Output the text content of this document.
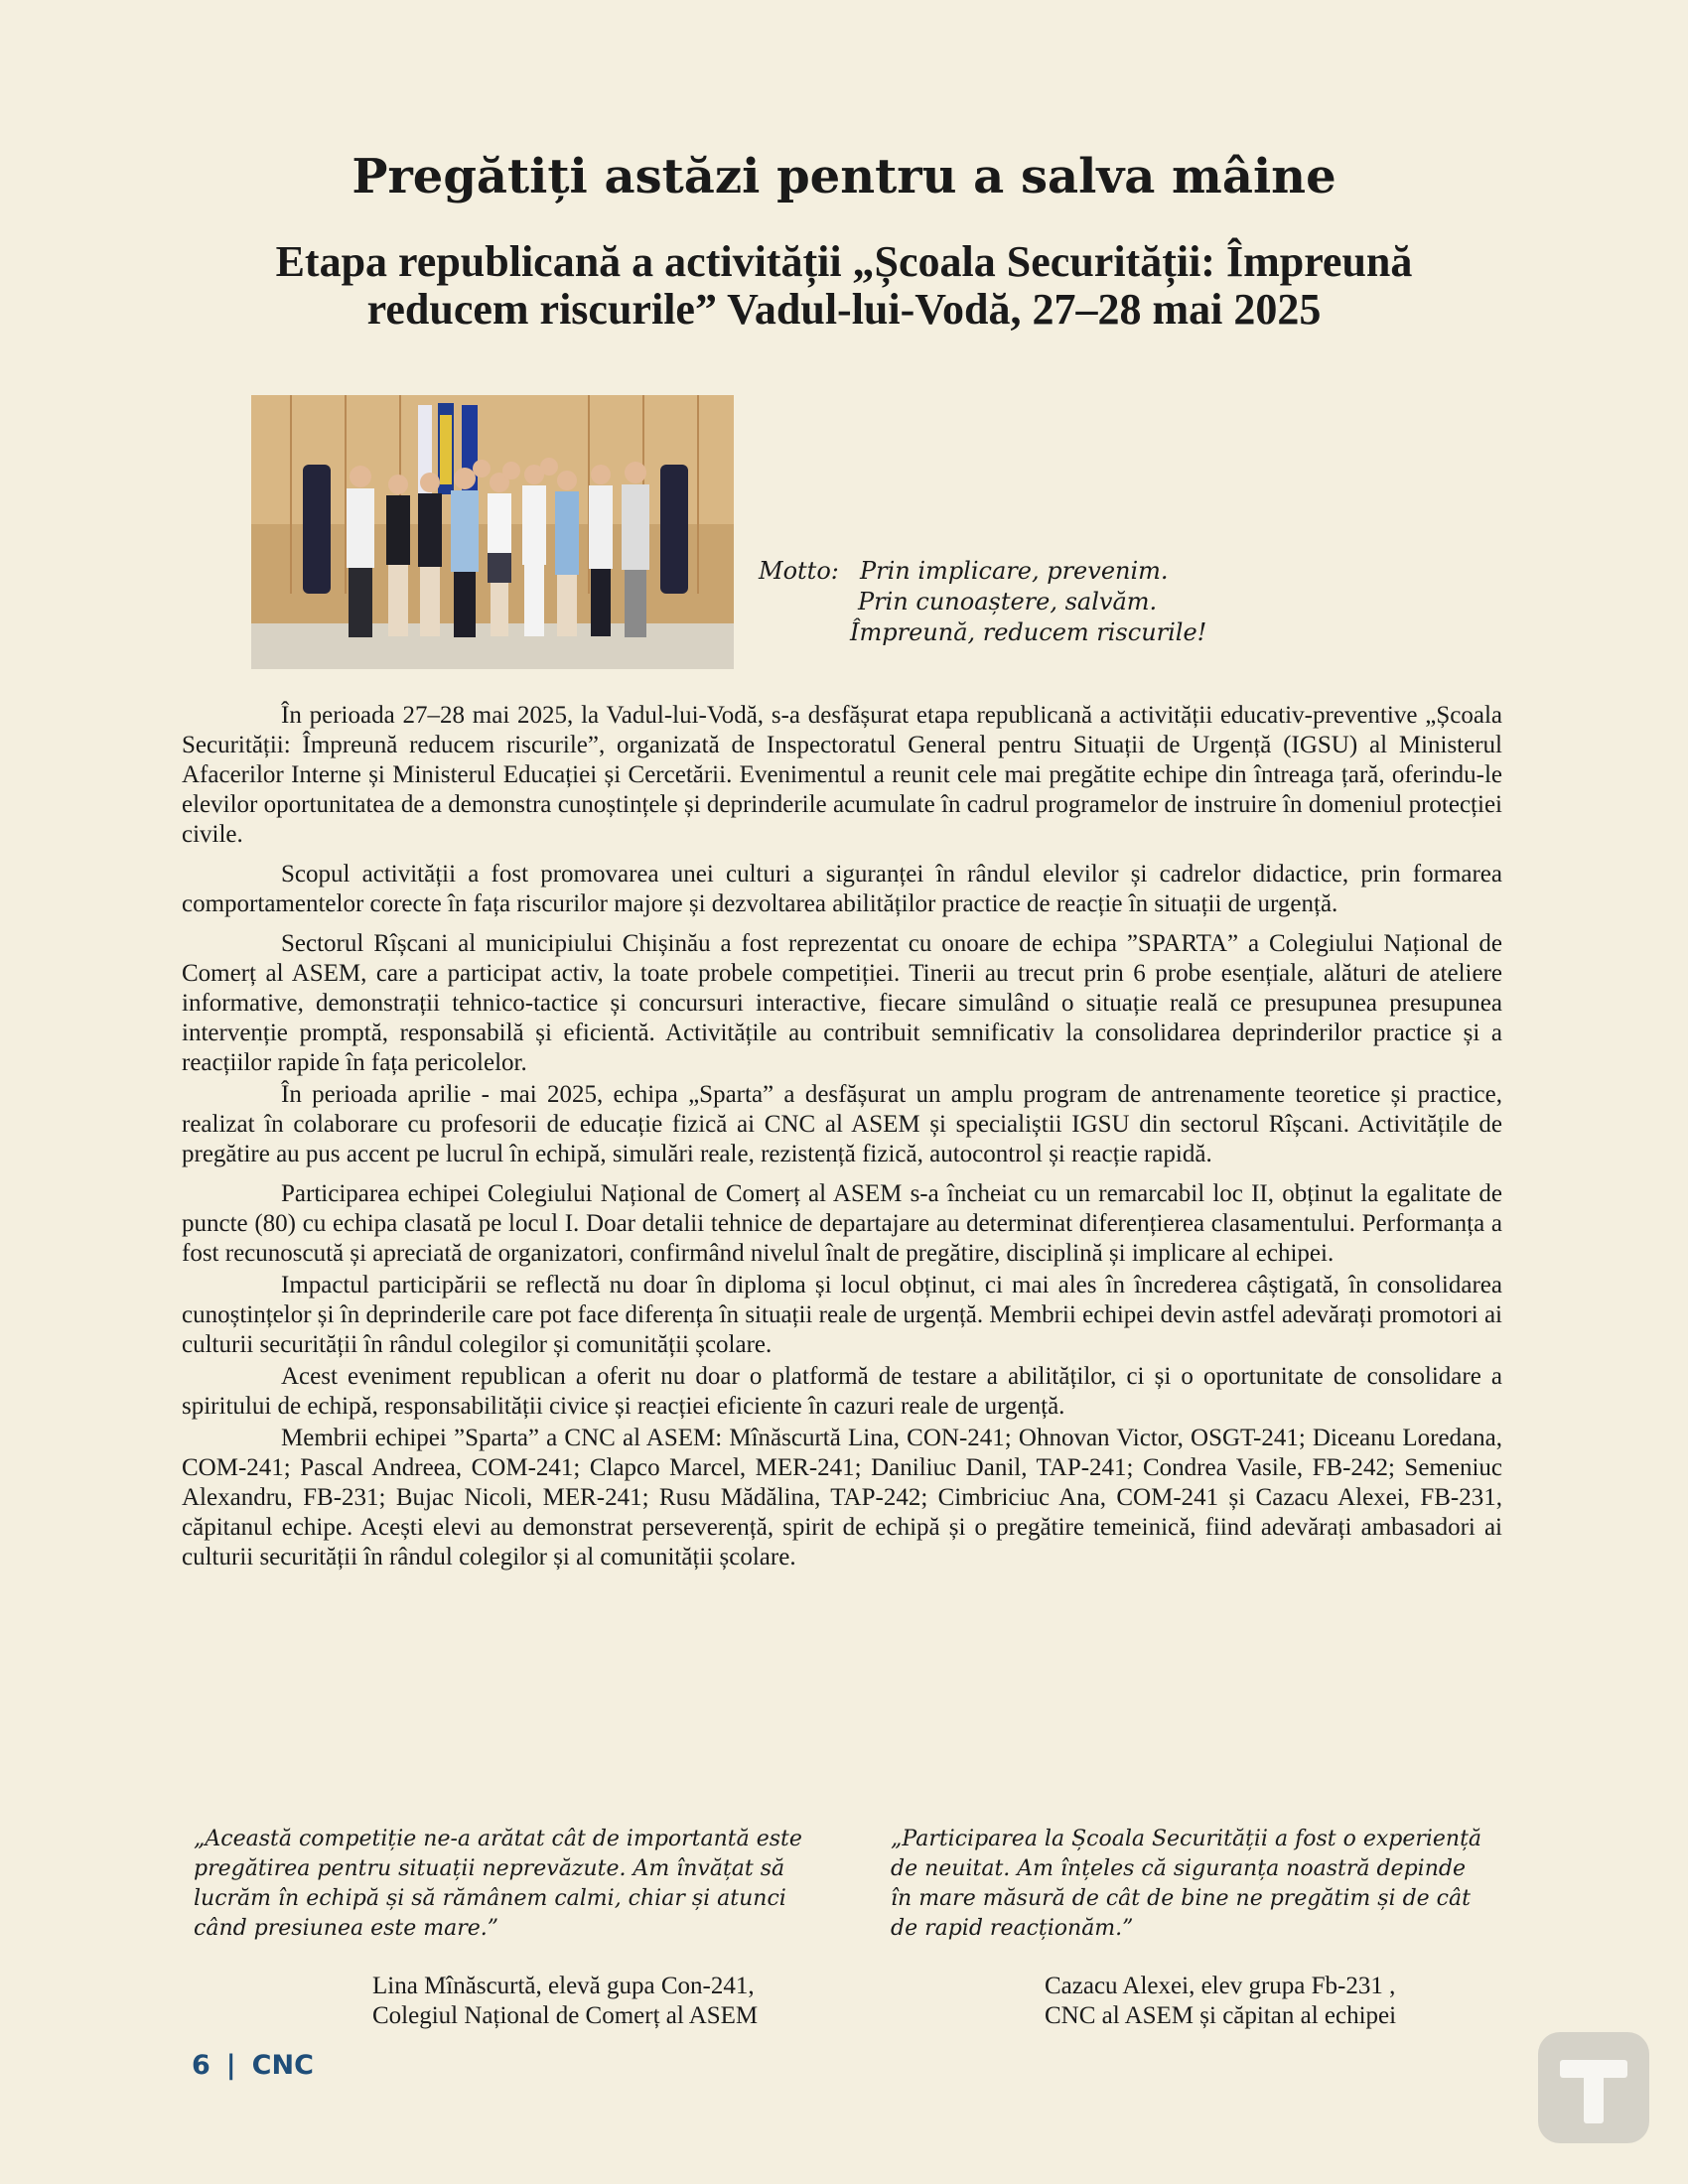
Pregătiți astăzi pentru a salva mâine
Etapa republicană a activității „Școala Securității: Împreună
reducem riscurile” Vadul-lui-Vodă, 27–28 mai 2025
Motto: Prin implicare, prevenim.
Prin cunoaștere, salvăm.
Împreună, reducem riscurile!

În perioada 27–28 mai 2025, la Vadul-lui-Vodă, s-a desfășurat etapa republicană a activității educativ-preventive „Școala Securității: Împreună reducem riscurile”, organizată de Inspectoratul General pentru Situații de Urgență (IGSU) al Ministerul Afacerilor Interne și Ministerul Educației și Cercetării. Evenimentul a reunit cele mai pregătite echipe din întreaga țară, oferindu-le elevilor oportunitatea de a demonstra cunoștințele și deprinderile acumulate în cadrul programelor de instruire în domeniul protecției civile.

Scopul activității a fost promovarea unei culturi a siguranței în rândul elevilor și cadrelor didactice, prin formarea comportamentelor corecte în fața riscurilor majore și dezvoltarea abilităților practice de reacție în situații de urgență.

Sectorul Rîșcani al municipiului Chișinău a fost reprezentat cu onoare de echipa ”SPARTA” a Colegiului Național de Comerț al ASEM, care a participat activ, la toate probele competiției. Tinerii au trecut prin 6 probe esențiale, alături de ateliere informative, demonstrații tehnico-tactice și concursuri interactive, fiecare simulând o situație reală ce presupunea presupunea intervenție promptă, responsabilă și eficientă. Activitățile au contribuit semnificativ la consolidarea deprinderilor practice și a reacțiilor rapide în fața pericolelor.

În perioada aprilie - mai 2025, echipa „Sparta” a desfășurat un amplu program de antrenamente teoretice și practice, realizat în colaborare cu profesorii de educație fizică ai CNC al ASEM și specialiștii IGSU din sectorul Rîșcani. Activitățile de pregătire au pus accent pe lucrul în echipă, simulări reale, rezistență fizică, autocontrol și reacție rapidă.

Participarea echipei Colegiului Național de Comerț al ASEM s-a încheiat cu un remarcabil loc II, obținut la egalitate de puncte (80) cu echipa clasată pe locul I. Doar detalii tehnice de departajare au determinat diferențierea clasamentului. Performanța a fost recunoscută și apreciată de organizatori, confirmând nivelul înalt de pregătire, disciplină și implicare al echipei.

Impactul participării se reflectă nu doar în diploma și locul obținut, ci mai ales în încrederea câștigată, în consolidarea cunoștințelor și în deprinderile care pot face diferența în situații reale de urgență. Membrii echipei devin astfel adevărați promotori ai culturii securității în rândul colegilor și comunității școlare.

Acest eveniment republican a oferit nu doar o platformă de testare a abilităților, ci și o oportunitate de consolidare a spiritului de echipă, responsabilității civice și reacției eficiente în cazuri reale de urgență.

Membrii echipei ”Sparta” a CNC al ASEM: Mînăscurtă Lina, CON-241; Ohnovan Victor, OSGT-241; Diceanu Loredana, COM-241; Pascal Andreea, COM-241; Clapco Marcel, MER-241; Daniliuc Danil, TAP-241; Condrea Vasile, FB-242; Semeniuc Alexandru, FB-231; Bujac Nicoli, MER-241; Rusu Mădălina, TAP-242; Cimbriciuc Ana, COM-241 și Cazacu Alexei, FB-231, căpitanul echipe. Acești elevi au demonstrat perseverență, spirit de echipă și o pregătire temeinică, fiind adevărați ambasadori ai culturii securității în rândul colegilor și al comunității școlare.

„Această competiție ne-a arătat cât de importantă este pregătirea pentru situații neprevăzute. Am învățat să lucrăm în echipă și să rămânem calmi, chiar și atunci când presiunea este mare.”
Lina Mînăscurtă, elevă gupa Con-241,
Colegiul Național de Comerț al ASEM
„Participarea la Școala Securității a fost o experiență de neuitat. Am înțeles că siguranța noastră depinde în mare măsură de cât de bine ne pregătim și de cât de rapid reacționăm.”
Cazacu Alexei, elev grupa Fb-231 ,
CNC al ASEM și căpitan al echipei
6 | CNC
